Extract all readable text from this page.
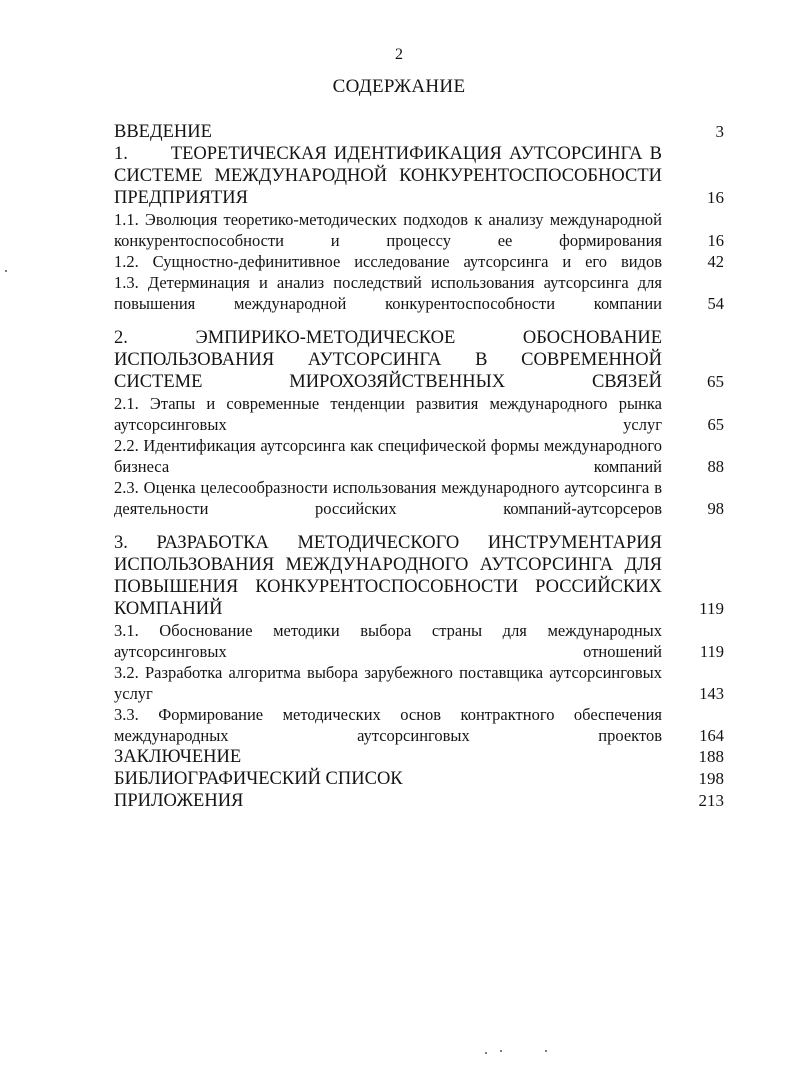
2
СОДЕРЖАНИЕ
ВВЕДЕНИЕ	3
1.      ТЕОРЕТИЧЕСКАЯ ИДЕНТИФИКАЦИЯ АУТСОРСИНГА В СИСТЕМЕ МЕЖДУНАРОДНОЙ КОНКУРЕНТОСПОСОБНОСТИ ПРЕДПРИЯТИЯ	16
1.1. Эволюция теоретико-методических подходов к анализу международной конкурентоспособности и процессу ее	формирования	16
1.2. Сущностно-дефинитивное исследование аутсорсинга и его видов	42
1.3. Детерминация и анализ последствий использования аутсорсинга для повышения международной конкурентоспособности компании	54
2. ЭМПИРИКО-МЕТОДИЧЕСКОЕ ОБОСНОВАНИЕ ИСПОЛЬЗОВАНИЯ АУТСОРСИНГА В СОВРЕМЕННОЙ СИСТЕМЕ МИРОХОЗЯЙСТВЕННЫХ СВЯЗЕЙ	65
2.1. Этапы и современные тенденции развития международного рынка аутсорсинговых услуг	65
2.2. Идентификация аутсорсинга как специфической формы международного бизнеса компаний	88
2.3. Оценка целесообразности использования международного аутсорсинга в деятельности российских компаний-аутсорсеров	98
3. РАЗРАБОТКА МЕТОДИЧЕСКОГО ИНСТРУМЕНТАРИЯ ИСПОЛЬЗОВАНИЯ МЕЖДУНАРОДНОГО АУТСОРСИНГА ДЛЯ ПОВЫШЕНИЯ КОНКУРЕНТОСПОСОБНОСТИ РОССИЙСКИХ КОМПАНИЙ	119
3.1. Обоснование методики выбора страны для международных аутсорсинговых отношений 119
3.2. Разработка алгоритма выбора зарубежного поставщика аутсорсинговых услуг	143
3.3. Формирование методических основ контрактного обеспечения международных аутсорсинговых проектов 164
ЗАКЛЮЧЕНИЕ	188
БИБЛИОГРАФИЧЕСКИЙ СПИСОК	198
ПРИЛОЖЕНИЯ	213
